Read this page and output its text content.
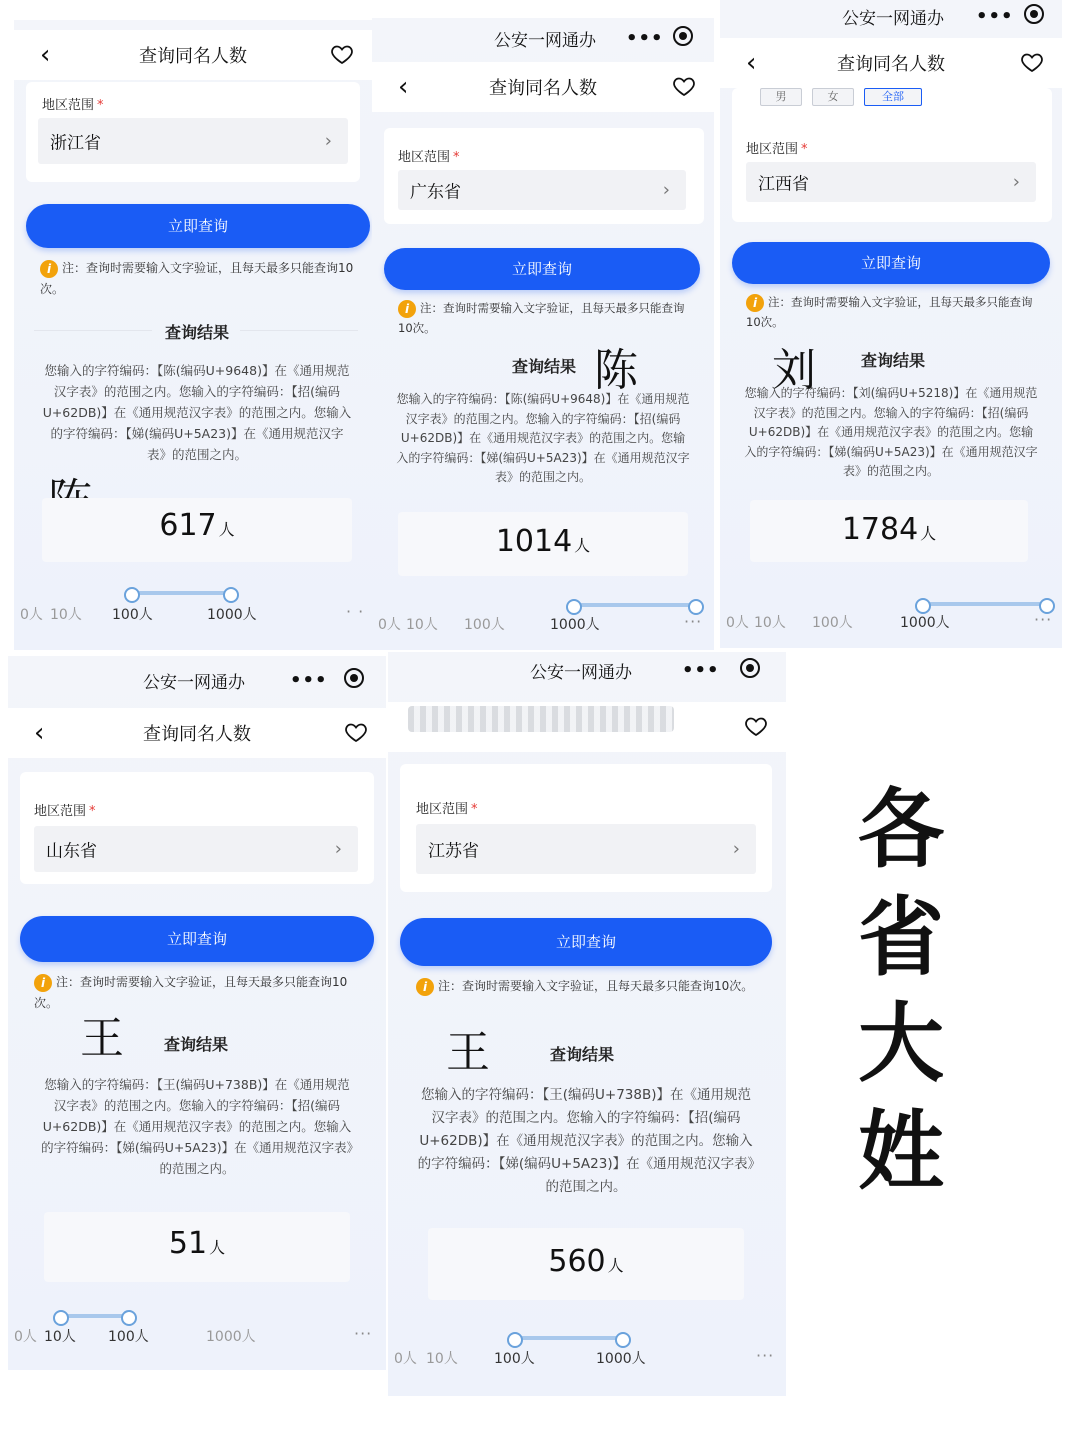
‹	查询同名人数
地区范围 *
浙江省	›
立即查询
i 注：查询时需要输入文字验证，且每天最多只能查询10次。
查询结果
您输入的字符编码：【陈(编码U+9648)】在《通用规范汉字表》的范围之内。您输入的字符编码：【招(编码U+62DB)】在《通用规范汉字表》的范围之内。您输入的字符编码：【娣(编码U+5A23)】在《通用规范汉字表》的范围之内。
617 人
0人 10人 100人	1000人	· ·
公安一网通办 •••
‹	查询同名人数
地区范围 *
广东省	›
立即查询
i 注：查询时需要输入文字验证，且每天最多只能查询10次。
查询结果 陈
您输入的字符编码：【陈(编码U+9648)】在《通用规范汉字表》的范围之内。您输入的字符编码：【招(编码U+62DB)】在《通用规范汉字表》的范围之内。您输入的字符编码：【娣(编码U+5A23)】在《通用规范汉字表》的范围之内。
1014 人
0人 10人 100人	1000人	···
公安一网通办 •••
‹	查询同名人数
男	女	全部
地区范围 *
江西省	›
立即查询
i 注：查询时需要输入文字验证，且每天最多只能查询10次。
刘	查询结果
您输入的字符编码：【刘(编码U+5218)】在《通用规范汉字表》的范围之内。您输入的字符编码：【招(编码U+62DB)】在《通用规范汉字表》的范围之内。您输入的字符编码：【娣(编码U+5A23)】在《通用规范汉字表》的范围之内。
1784 人
0人 10人 100人	1000人	···
公安一网通办	•••
‹	查询同名人数
地区范围 *
山东省	›
立即查询
i 注：查询时需要输入文字验证，且每天最多只能查询10次。
王	查询结果
您输入的字符编码：【王(编码U+738B)】在《通用规范汉字表》的范围之内。您输入的字符编码：【招(编码U+62DB)】在《通用规范汉字表》的范围之内。您输入的字符编码：【娣(编码U+5A23)】在《通用规范汉字表》的范围之内。
51 人
0人 10人 100人	1000人	···
公安一网通办	•••
地区范围 *
江苏省	›
立即查询
i 注：查询时需要输入文字验证，且每天最多只能查询10次。
王	查询结果
您输入的字符编码：【王(编码U+738B)】在《通用规范汉字表》的范围之内。您输入的字符编码：【招(编码U+62DB)】在《通用规范汉字表》的范围之内。您输入的字符编码：【娣(编码U+5A23)】在《通用规范汉字表》的范围之内。
560 人
0人 10人	100人	1000人	···
各
省
大
姓
